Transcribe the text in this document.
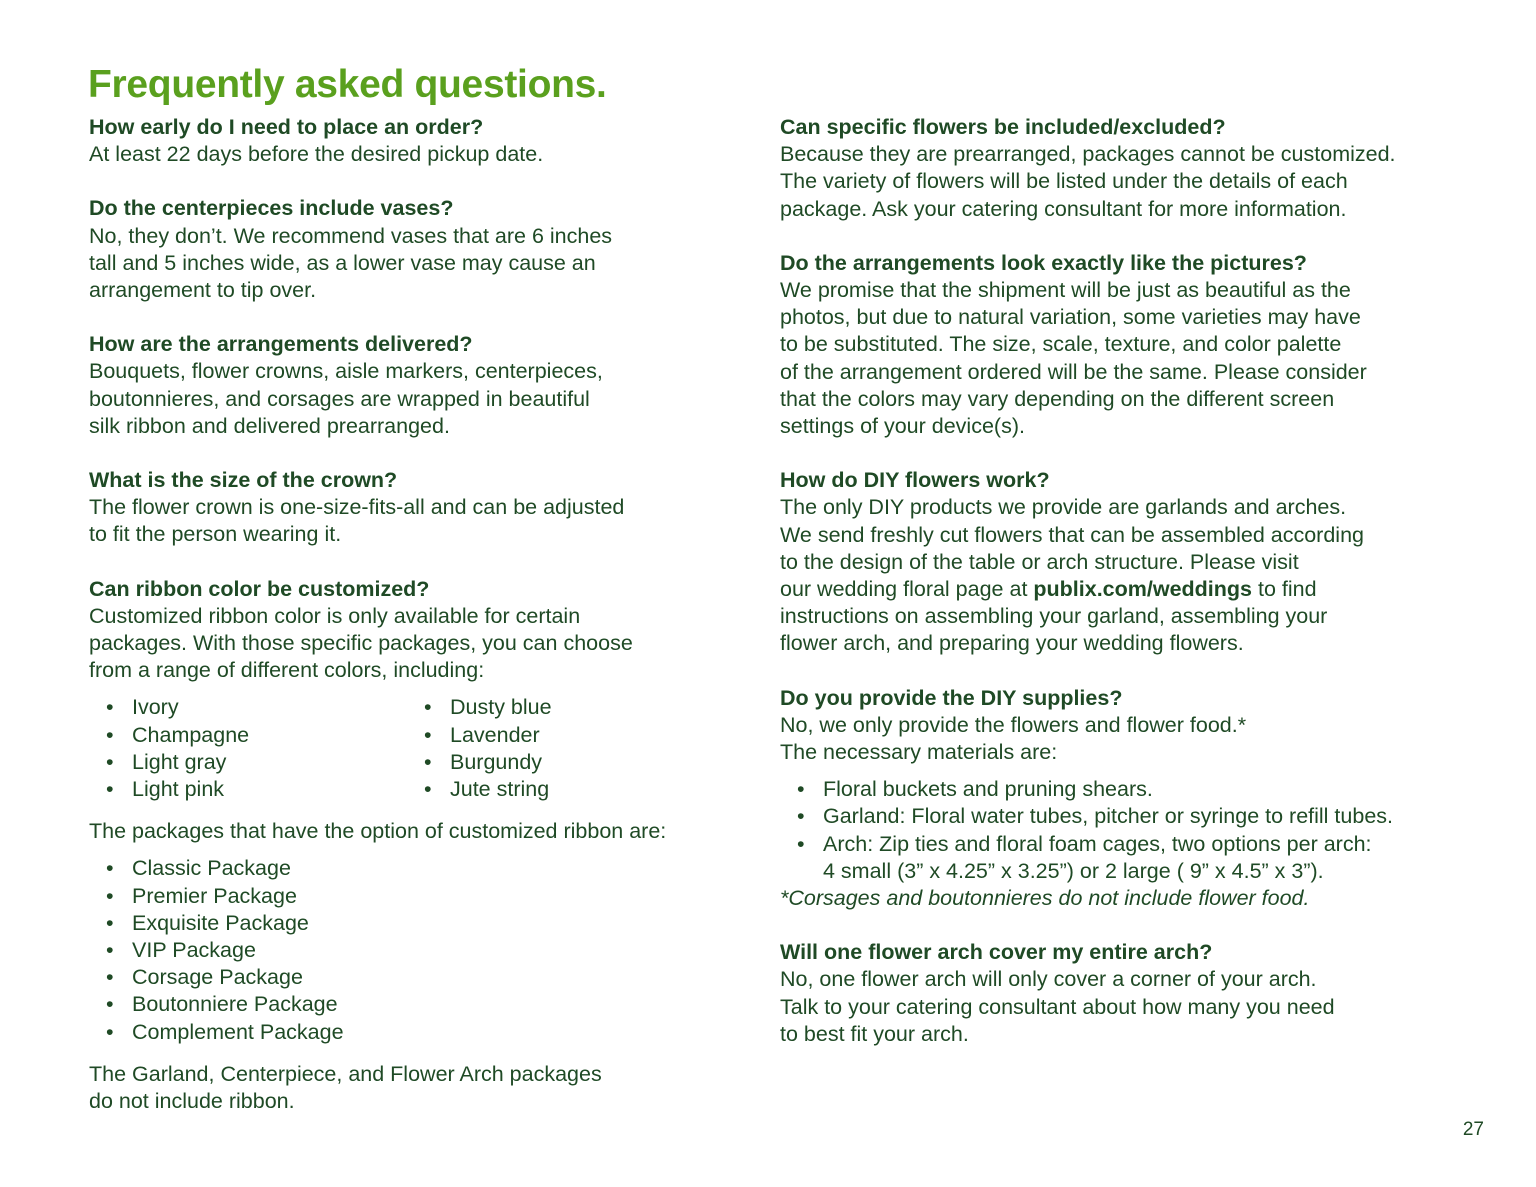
Frequently asked questions.

How early do I need to place an order?

At least 22 days before the desired pickup date.

Do the centerpieces include vases?

No, they don’t. We recommend vases that are 6 inches
tall and 5 inches wide, as a lower vase may cause an
arrangement to tip over.

How are the arrangements delivered?

Bouquets, flower crowns, aisle markers, centerpieces,
boutonnieres, and corsages are wrapped in beautiful
silk ribbon and delivered prearranged.

What is the size of the crown?

The flower crown is one-size-fits-all and can be adjusted
to fit the person wearing it.

Can ribbon color be customized?

Customized ribbon color is only available for certain
packages. With those specific packages, you can choose
from a range of different colors, including:

• Ivory
• Champagne
• Light gray
• Light pink
• Dusty blue
• Lavender
• Burgundy
• Jute string

The packages that have the option of customized ribbon are:

• Classic Package
• Premier Package
• Exquisite Package
• VIP Package
• Corsage Package
• Boutonniere Package
• Complement Package

The Garland, Centerpiece, and Flower Arch packages
do not include ribbon.

Can specific flowers be included/excluded?

Because they are prearranged, packages cannot be customized.
The variety of flowers will be listed under the details of each
package. Ask your catering consultant for more information.

Do the arrangements look exactly like the pictures?

We promise that the shipment will be just as beautiful as the
photos, but due to natural variation, some varieties may have
to be substituted. The size, scale, texture, and color palette
of the arrangement ordered will be the same. Please consider
that the colors may vary depending on the different screen
settings of your device(s).

How do DIY flowers work?

The only DIY products we provide are garlands and arches.
We send freshly cut flowers that can be assembled according
to the design of the table or arch structure. Please visit
our wedding floral page at publix.com/weddings to find
instructions on assembling your garland, assembling your
flower arch, and preparing your wedding flowers.

Do you provide the DIY supplies?

No, we only provide the flowers and flower food.*
The necessary materials are:

• Floral buckets and pruning shears.
• Garland: Floral water tubes, pitcher or syringe to refill tubes.
• Arch: Zip ties and floral foam cages, two options per arch:
4 small (3” x 4.25” x 3.25”) or 2 large ( 9” x 4.5” x 3”).

*Corsages and boutonnieres do not include flower food.

Will one flower arch cover my entire arch?

No, one flower arch will only cover a corner of your arch.
Talk to your catering consultant about how many you need
to best fit your arch.

27
